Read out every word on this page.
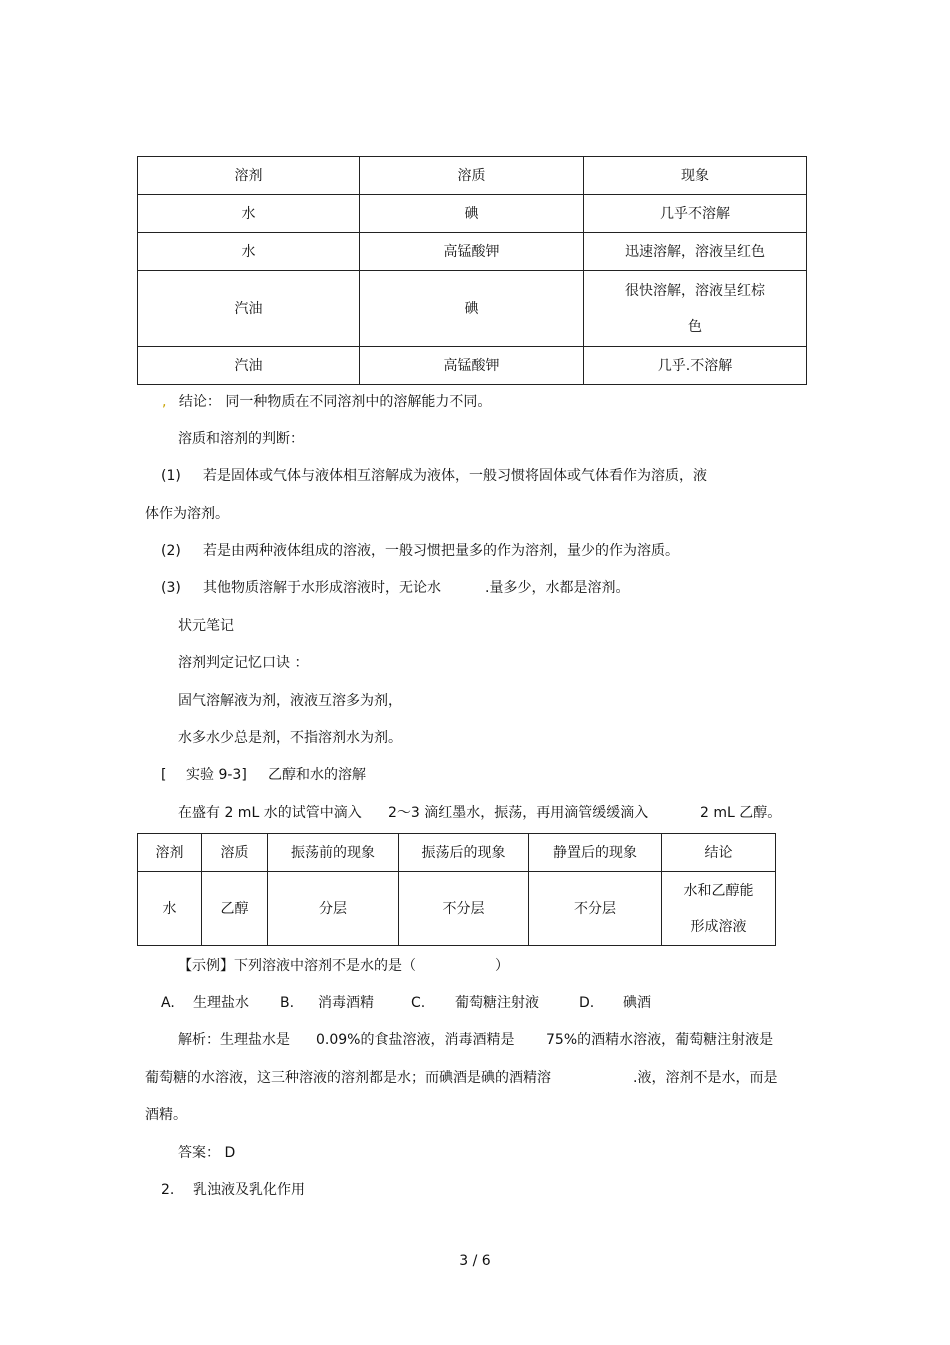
溶剂	溶质	现象
水	碘	几乎不溶解
水	高锰酸钾	迅速溶解，溶液呈红色
汽油	碘	很快溶解，溶液呈红棕
色

汽油	高锰酸钾	几乎.不溶解
, 结论： 同一种物质在不同溶剂中的溶解能力不同。
溶质和溶剂的判断：
(1) 若是固体或气体与液体相互溶解成为液体，一般习惯将固体或气体看作为溶质，液
体作为溶剂。
(2) 若是由两种液体组成的溶液，一般习惯把量多的作为溶剂，量少的作为溶质。
(3) 其他物质溶解于水形成溶液时，无论水	.量多少，水都是溶剂。
状元笔记
溶剂判定记忆口诀 ：
固气溶解液为剂，液液互溶多为剂，
水多水少总是剂，不指溶剂水为剂。
[ 实验 9-3] 乙醇和水的溶解
在盛有 2 mL 水的试管中滴入 2～3 滴红墨水，振荡，再用滴管缓缓滴入	2 mL 乙醇。
溶剂	溶质	振荡前的现象	振荡后的现象	静置后的现象	结论
水	乙醇	分层	不分层	不分层	水和乙醇能
形成溶液
【示例】下列溶液中溶剂不是水的是（	）
A. 生理盐水 B. 消毒酒精	C. 葡萄糖注射液	D. 碘酒
解析：生理盐水是 0.09%的食盐溶液，消毒酒精是 75%的酒精水溶液，葡萄糖注射液是
葡萄糖的水溶液，这三种溶液的溶剂都是水；而碘酒是碘的酒精溶	.液，溶剂不是水，而是
酒精。
答案： D
2. 乳浊液及乳化作用
3 / 6
